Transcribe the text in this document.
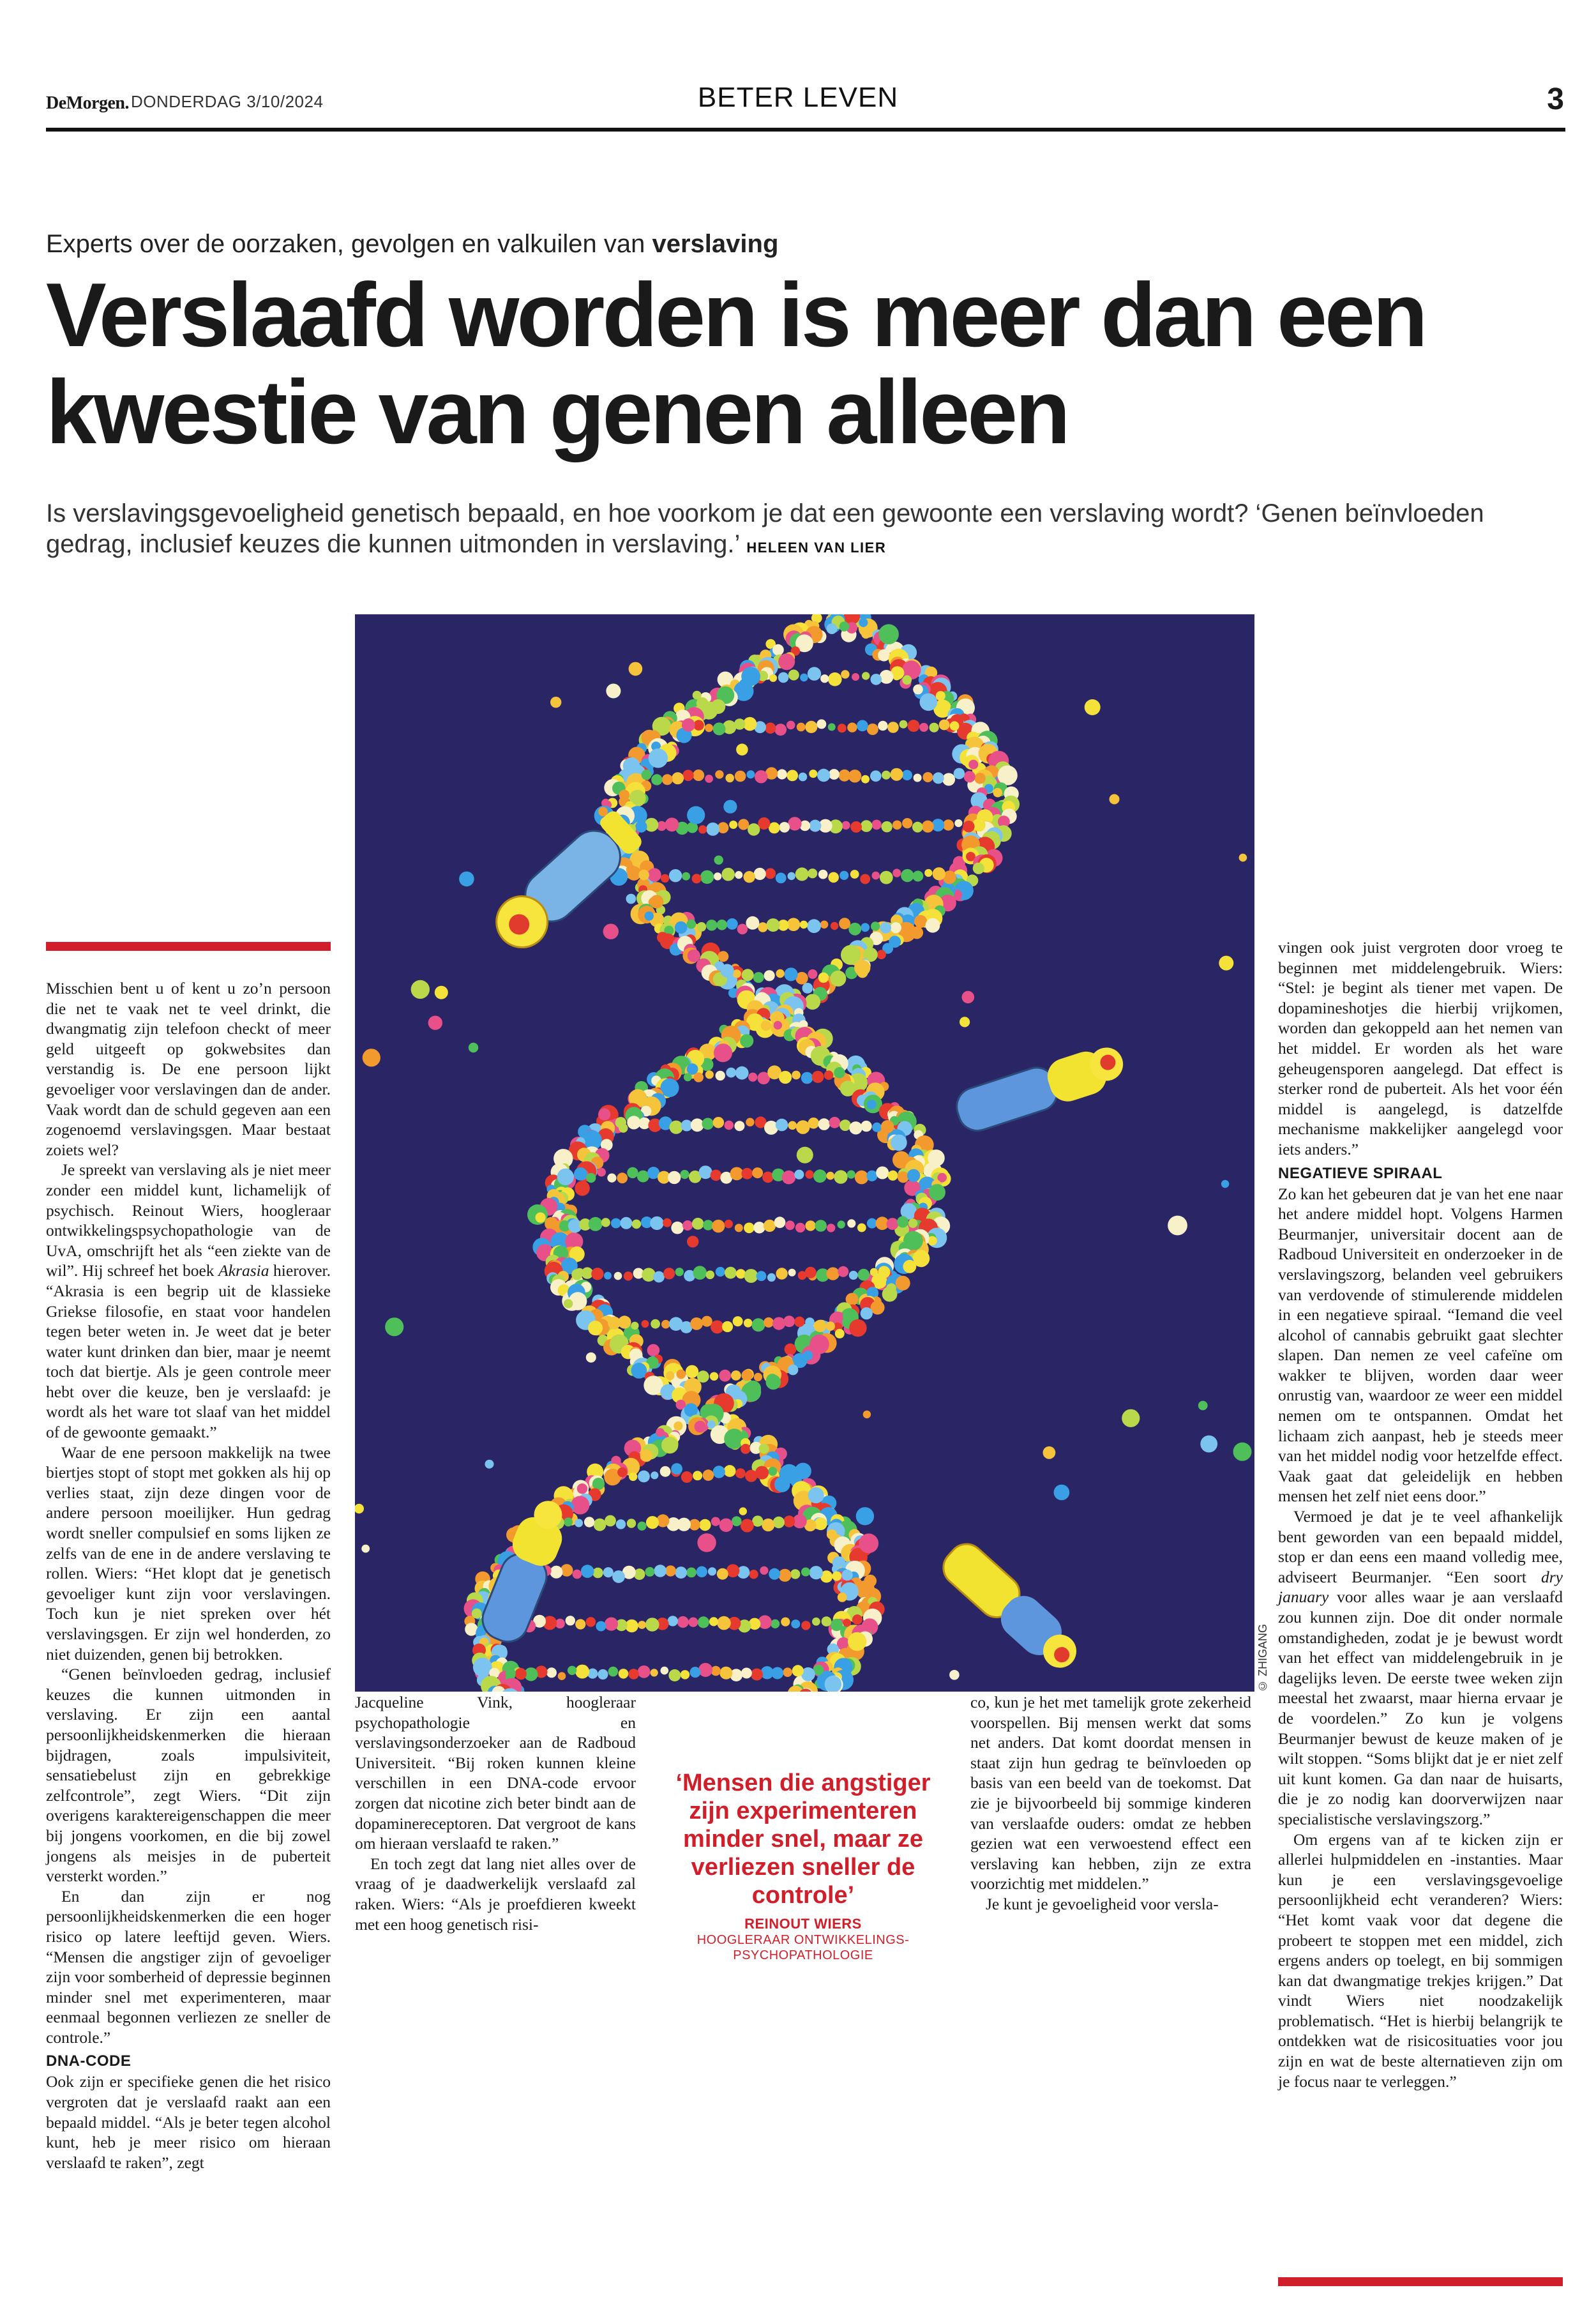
DeMorgen. DONDERDAG 3/10/2024	BETER LEVEN	3
Experts over de oorzaken, gevolgen en valkuilen van verslaving
Verslaafd worden is meer dan een kwestie van genen alleen
Is verslavingsgevoeligheid genetisch bepaald, en hoe voorkom je dat een gewoonte een verslaving wordt? ‘Genen beïnvloeden gedrag, inclusief keuzes die kunnen uitmonden in verslaving.’ HELEEN VAN LIER
© ZHIGANG

Misschien bent u of kent u zo’n persoon die net te vaak net te veel drinkt, die dwangmatig zijn telefoon checkt of meer geld uitgeeft op gokwebsites dan verstandig is. De ene persoon lijkt gevoeliger voor verslavingen dan de ander. Vaak wordt dan de schuld gegeven aan een zogenoemd verslavingsgen. Maar bestaat zoiets wel?

Je spreekt van verslaving als je niet meer zonder een middel kunt, lichamelijk of psychisch. Reinout Wiers, hoogleraar ontwikkelingspsychopathologie van de UvA, omschrijft het als “een ziekte van de wil”. Hij schreef het boek Akrasia hierover. “Akrasia is een begrip uit de klassieke Griekse filosofie, en staat voor handelen tegen beter weten in. Je weet dat je beter water kunt drinken dan bier, maar je neemt toch dat biertje. Als je geen controle meer hebt over die keuze, ben je verslaafd: je wordt als het ware tot slaaf van het middel of de gewoonte gemaakt.”

Waar de ene persoon makkelijk na twee biertjes stopt of stopt met gokken als hij op verlies staat, zijn deze dingen voor de andere persoon moeilijker. Hun gedrag wordt sneller compulsief en soms lijken ze zelfs van de ene in de andere verslaving te rollen. Wiers: “Het klopt dat je genetisch gevoeliger kunt zijn voor verslavingen. Toch kun je niet spreken over hét verslavingsgen. Er zijn wel honderden, zo niet duizenden, genen bij betrokken.

“Genen beïnvloeden gedrag, inclusief keuzes die kunnen uitmonden in verslaving. Er zijn een aantal persoonlijkheidskenmerken die hieraan bijdragen, zoals impulsiviteit, sensatiebelust zijn en gebrekkige zelfcontrole”, zegt Wiers. “Dit zijn overigens karaktereigenschappen die meer bij jongens voorkomen, en die bij zowel jongens als meisjes in de puberteit versterkt worden.”

En dan zijn er nog persoonlijkheidskenmerken die een hoger risico op latere leeftijd geven. Wiers. “Mensen die angstiger zijn of gevoeliger zijn voor somberheid of depressie beginnen minder snel met experimenteren, maar eenmaal begonnen verliezen ze sneller de controle.”

DNA-CODE

Ook zijn er specifieke genen die het risico vergroten dat je verslaafd raakt aan een bepaald middel. “Als je beter tegen alcohol kunt, heb je meer risico om hieraan verslaafd te raken”, zegt

Jacqueline Vink, hoogleraar psychopathologie en verslavingsonderzoeker aan de Radboud Universiteit. “Bij roken kunnen kleine verschillen in een DNA-code ervoor zorgen dat nicotine zich beter bindt aan de dopaminereceptoren. Dat vergroot de kans om hieraan verslaafd te raken.”

En toch zegt dat lang niet alles over de vraag of je daadwerkelijk verslaafd zal raken. Wiers: “Als je proefdieren kweekt met een hoog genetisch risi-

‘Mensen die angstiger zijn experimenteren minder snel, maar ze verliezen sneller de controle’
REINOUT WIERS
HOOGLERAAR ONTWIKKELINGS-PSYCHOPATHOLOGIE

co, kun je het met tamelijk grote zekerheid voorspellen. Bij mensen werkt dat soms net anders. Dat komt doordat mensen in staat zijn hun gedrag te beïnvloeden op basis van een beeld van de toekomst. Dat zie je bijvoorbeeld bij sommige kinderen van verslaafde ouders: omdat ze hebben gezien wat een verwoestend effect een verslaving kan hebben, zijn ze extra voorzichtig met middelen.”

Je kunt je gevoeligheid voor versla-

vingen ook juist vergroten door vroeg te beginnen met middelengebruik. Wiers: “Stel: je begint als tiener met vapen. De dopamineshotjes die hierbij vrijkomen, worden dan gekoppeld aan het nemen van het middel. Er worden als het ware geheugensporen aangelegd. Dat effect is sterker rond de puberteit. Als het voor één middel is aangelegd, is datzelfde mechanisme makkelijker aangelegd voor iets anders.”

NEGATIEVE SPIRAAL

Zo kan het gebeuren dat je van het ene naar het andere middel hopt. Volgens Harmen Beurmanjer, universitair docent aan de Radboud Universiteit en onderzoeker in de verslavingszorg, belanden veel gebruikers van verdovende of stimulerende middelen in een negatieve spiraal. “Iemand die veel alcohol of cannabis gebruikt gaat slechter slapen. Dan nemen ze veel cafeïne om wakker te blijven, worden daar weer onrustig van, waardoor ze weer een middel nemen om te ontspannen. Omdat het lichaam zich aanpast, heb je steeds meer van het middel nodig voor hetzelfde effect. Vaak gaat dat geleidelijk en hebben mensen het zelf niet eens door.”

Vermoed je dat je te veel afhankelijk bent geworden van een bepaald middel, stop er dan eens een maand volledig mee, adviseert Beurmanjer. “Een soort dry january voor alles waar je aan verslaafd zou kunnen zijn. Doe dit onder normale omstandigheden, zodat je je bewust wordt van het effect van middelengebruik in je dagelijks leven. De eerste twee weken zijn meestal het zwaarst, maar hierna ervaar je de voordelen.” Zo kun je volgens Beurmanjer bewust de keuze maken of je wilt stoppen. “Soms blijkt dat je er niet zelf uit kunt komen. Ga dan naar de huisarts, die je zo nodig kan doorverwijzen naar specialistische verslavingszorg.”

Om ergens van af te kicken zijn er allerlei hulpmiddelen en -instanties. Maar kun je een verslavingsgevoelige persoonlijkheid echt veranderen? Wiers: “Het komt vaak voor dat degene die probeert te stoppen met een middel, zich ergens anders op toelegt, en bij sommigen kan dat dwangmatige trekjes krijgen.” Dat vindt Wiers niet noodzakelijk problematisch. “Het is hierbij belangrijk te ontdekken wat de risicosituaties voor jou zijn en wat de beste alternatieven zijn om je focus naar te verleggen.”
